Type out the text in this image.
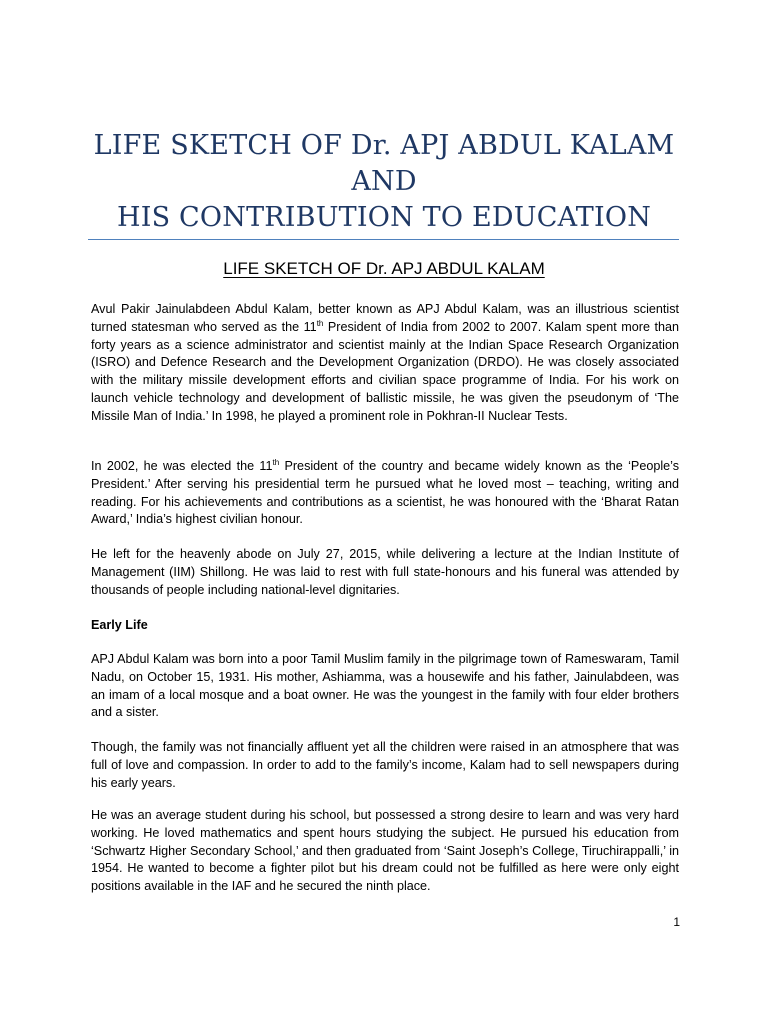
LIFE SKETCH OF Dr. APJ ABDUL KALAM
AND
HIS CONTRIBUTION TO EDUCATION
LIFE SKETCH OF Dr. APJ ABDUL KALAM

Avul Pakir Jainulabdeen Abdul Kalam, better known as APJ Abdul Kalam, was an illustrious scientist turned statesman who served as the 11th President of India from 2002 to 2007. Kalam spent more than forty years as a science administrator and scientist mainly at the Indian Space Research Organization (ISRO) and Defence Research and the Development Organization (DRDO). He was closely associated with the military missile development efforts and civilian space programme of India. For his work on launch vehicle technology and development of ballistic missile, he was given the pseudonym of ‘The Missile Man of India.’ In 1998, he played a prominent role in Pokhran-II Nuclear Tests.

In 2002, he was elected the 11th President of the country and became widely known as the ‘People’s President.’ After serving his presidential term he pursued what he loved most – teaching, writing and reading. For his achievements and contributions as a scientist, he was honoured with the ‘Bharat Ratan Award,’ India’s highest civilian honour.

He left for the heavenly abode on July 27, 2015, while delivering a lecture at the Indian Institute of Management (IIM) Shillong. He was laid to rest with full state-honours and his funeral was attended by thousands of people including national-level dignitaries.

Early Life

APJ Abdul Kalam was born into a poor Tamil Muslim family in the pilgrimage town of Rameswaram, Tamil Nadu, on October 15, 1931. His mother, Ashiamma, was a housewife and his father, Jainulabdeen, was an imam of a local mosque and a boat owner. He was the youngest in the family with four elder brothers and a sister.

Though, the family was not financially affluent yet all the children were raised in an atmosphere that was full of love and compassion. In order to add to the family’s income, Kalam had to sell newspapers during his early years.

He was an average student during his school, but possessed a strong desire to learn and was very hard working. He loved mathematics and spent hours studying the subject. He pursued his education from ‘Schwartz Higher Secondary School,’ and then graduated from ‘Saint Joseph’s College, Tiruchirappalli,’ in 1954. He wanted to become a fighter pilot but his dream could not be fulfilled as here were only eight positions available in the IAF and he secured the ninth place.

1
